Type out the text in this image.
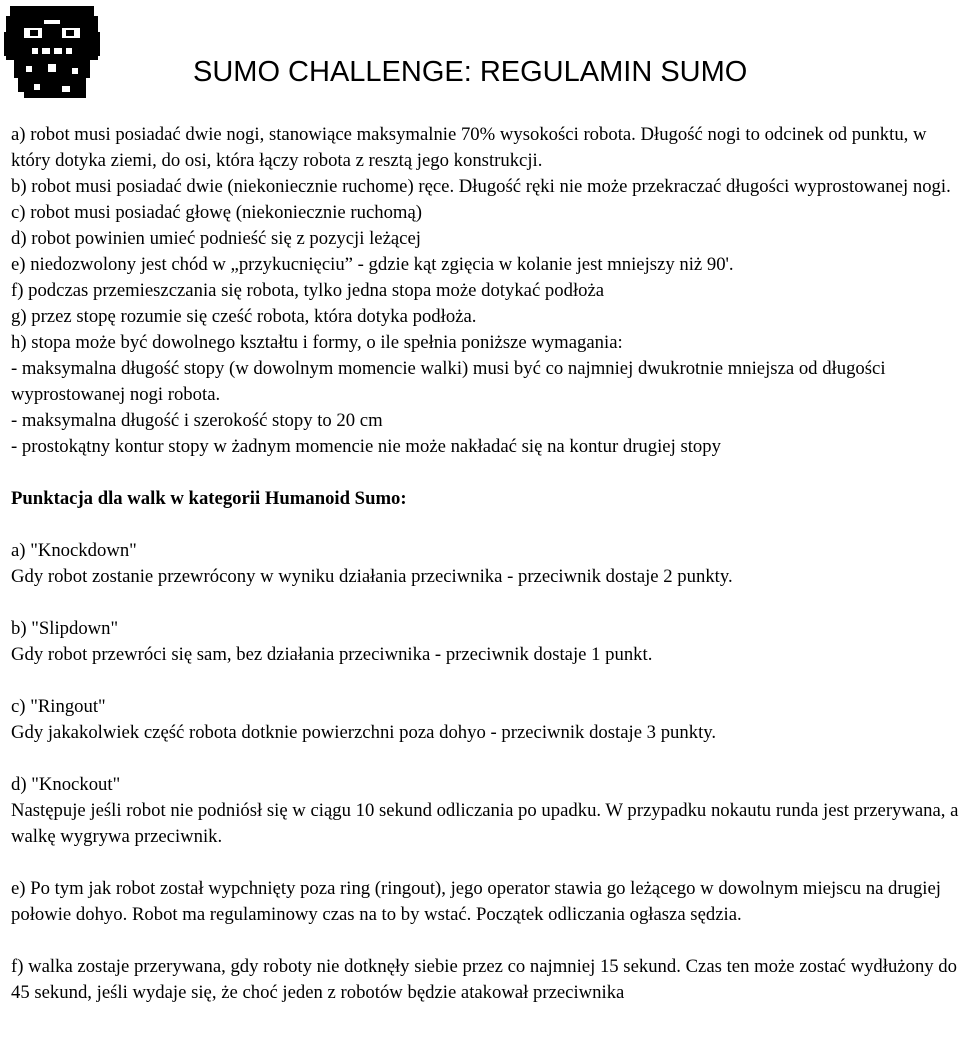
SUMO CHALLENGE: REGULAMIN SUMO

a) robot musi posiadać dwie nogi, stanowiące maksymalnie 70% wysokości robota. Długość nogi to odcinek od punktu, w który dotyka ziemi, do osi, która łączy robota z resztą jego konstrukcji.

b) robot musi posiadać dwie (niekoniecznie ruchome) ręce. Długość ręki nie może przekraczać długości wyprostowanej nogi.

c) robot musi posiadać głowę (niekoniecznie ruchomą)

d) robot powinien umieć podnieść się z pozycji leżącej

e) niedozwolony jest chód w „przykucnięciu” - gdzie kąt zgięcia w kolanie jest mniejszy niż 90'.

f) podczas przemieszczania się robota, tylko jedna stopa może dotykać podłoża

g) przez stopę rozumie się cześć robota, która dotyka podłoża.

h) stopa może być dowolnego kształtu i formy, o ile spełnia poniższe wymagania:

- maksymalna długość stopy (w dowolnym momencie walki) musi być co najmniej dwukrotnie mniejsza od długości wyprostowanej nogi robota.

- maksymalna długość i szerokość stopy to 20 cm

- prostokątny kontur stopy w żadnym momencie nie może nakładać się na kontur drugiej stopy

Punktacja dla walk w kategorii Humanoid Sumo:

a) "Knockdown"

Gdy robot zostanie przewrócony w wyniku działania przeciwnika - przeciwnik dostaje 2 punkty.

b) "Slipdown"

Gdy robot przewróci się sam, bez działania przeciwnika - przeciwnik dostaje 1 punkt.

c) "Ringout"

Gdy jakakolwiek część robota dotknie powierzchni poza dohyo - przeciwnik dostaje 3 punkty.

d) "Knockout"

Następuje jeśli robot nie podniósł się w ciągu 10 sekund odliczania po upadku. W przypadku nokautu runda jest przerywana, a walkę wygrywa przeciwnik.

e) Po tym jak robot został wypchnięty poza ring (ringout), jego operator stawia go leżącego w dowolnym miejscu na drugiej połowie dohyo. Robot ma regulaminowy czas na to by wstać. Początek odliczania ogłasza sędzia.

f) walka zostaje przerywana, gdy roboty nie dotknęły siebie przez co najmniej 15 sekund. Czas ten może zostać wydłużony do 45 sekund, jeśli wydaje się, że choć jeden z robotów będzie atakował przeciwnika
